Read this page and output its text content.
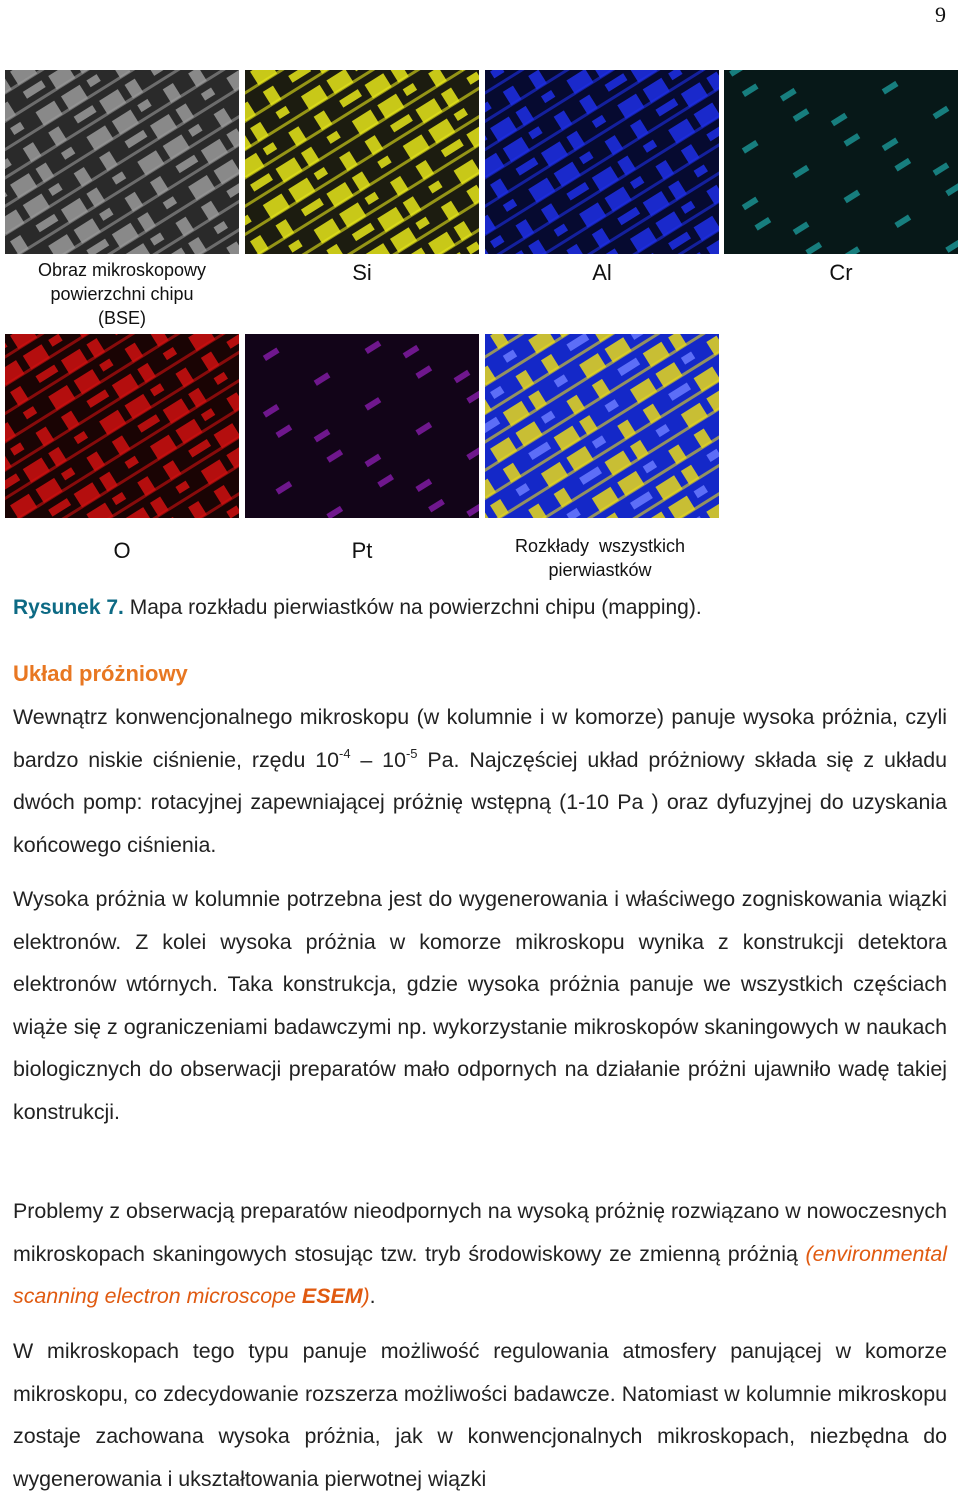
9
Obraz mikroskopowy
powierzchni chipu
(BSE)
Si	Al	Cr
O	Pt	Rozkłady  wszystkich
pierwiastków
Rysunek 7. Mapa rozkładu pierwiastków na powierzchni chipu (mapping).
Układ próżniowy
Wewnątrz konwencjonalnego mikroskopu (w kolumnie i w komorze) panuje wysoka próżnia, czyli bardzo niskie ciśnienie, rzędu $10^{-4} - 10^{-5}$ Pa. Najczęściej układ próżniowy składa się z układu dwóch pomp: rotacyjnej zapewniającej próżnię wstępną (1-10 Pa ) oraz dyfuzyjnej do uzyskania końcowego ciśnienia.
Wysoka próżnia w kolumnie potrzebna jest do wygenerowania i właściwego zogniskowania wiązki elektronów. Z kolei wysoka próżnia w komorze mikroskopu wynika z konstrukcji detektora elektronów wtórnych. Taka konstrukcja, gdzie wysoka próżnia panuje we wszystkich częściach wiąże się z ograniczeniami badawczymi np. wykorzystanie mikroskopów skaningowych w naukach biologicznych do obserwacji preparatów mało odpornych na działanie próżni ujawniło wadę takiej konstrukcji.
Problemy z obserwacją preparatów nieodpornych na wysoką próżnię rozwiązano w nowoczesnych mikroskopach skaningowych stosując tzw. tryb środowiskowy ze zmienną próżnią (environmental scanning electron microscope ESEM).
W mikroskopach tego typu panuje możliwość regulowania atmosfery panującej w komorze mikroskopu, co zdecydowanie rozszerza możliwości badawcze. Natomiast w kolumnie mikroskopu zostaje zachowana wysoka próżnia, jak w konwencjonalnych mikroskopach, niezbędna do wygenerowania i ukształtowania pierwotnej wiązki
